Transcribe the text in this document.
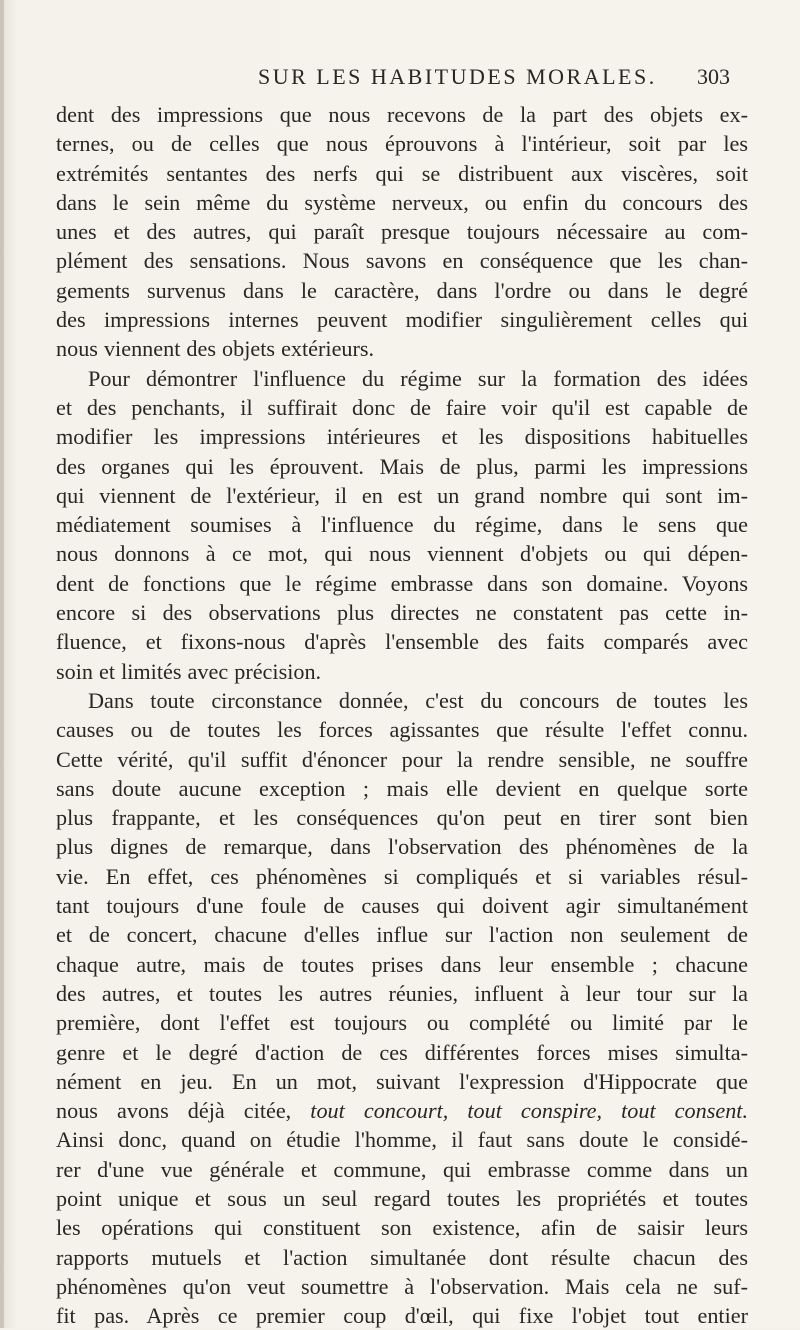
SUR LES HABITUDES MORALES. 303
dent des impressions que nous recevons de la part des objets ex-
ternes, ou de celles que nous éprouvons à l'intérieur, soit par les
extrémités sentantes des nerfs qui se distribuent aux viscères, soit
dans le sein même du système nerveux, ou enfin du concours des
unes et des autres, qui paraît presque toujours nécessaire au com-
plément des sensations. Nous savons en conséquence que les chan-
gements survenus dans le caractère, dans l'ordre ou dans le degré
des impressions internes peuvent modifier singulièrement celles qui
nous viennent des objets extérieurs.
Pour démontrer l'influence du régime sur la formation des idées
et des penchants, il suffirait donc de faire voir qu'il est capable de
modifier les impressions intérieures et les dispositions habituelles
des organes qui les éprouvent. Mais de plus, parmi les impressions
qui viennent de l'extérieur, il en est un grand nombre qui sont im-
médiatement soumises à l'influence du régime, dans le sens que
nous donnons à ce mot, qui nous viennent d'objets ou qui dépen-
dent de fonctions que le régime embrasse dans son domaine. Voyons
encore si des observations plus directes ne constatent pas cette in-
fluence, et fixons-nous d'après l'ensemble des faits comparés avec
soin et limités avec précision.
Dans toute circonstance donnée, c'est du concours de toutes les
causes ou de toutes les forces agissantes que résulte l'effet connu.
Cette vérité, qu'il suffit d'énoncer pour la rendre sensible, ne souffre
sans doute aucune exception ; mais elle devient en quelque sorte
plus frappante, et les conséquences qu'on peut en tirer sont bien
plus dignes de remarque, dans l'observation des phénomènes de la
vie. En effet, ces phénomènes si compliqués et si variables résul-
tant toujours d'une foule de causes qui doivent agir simultanément
et de concert, chacune d'elles influe sur l'action non seulement de
chaque autre, mais de toutes prises dans leur ensemble ; chacune
des autres, et toutes les autres réunies, influent à leur tour sur la
première, dont l'effet est toujours ou complété ou limité par le
genre et le degré d'action de ces différentes forces mises simulta-
nément en jeu. En un mot, suivant l'expression d'Hippocrate que
nous avons déjà citée, tout concourt, tout conspire, tout consent.
Ainsi donc, quand on étudie l'homme, il faut sans doute le considé-
rer d'une vue générale et commune, qui embrasse comme dans un
point unique et sous un seul regard toutes les propriétés et toutes
les opérations qui constituent son existence, afin de saisir leurs
rapports mutuels et l'action simultanée dont résulte chacun des
phénomènes qu'on veut soumettre à l'observation. Mais cela ne suf-
fit pas. Après ce premier coup d'œil, qui fixe l'objet tout entier
